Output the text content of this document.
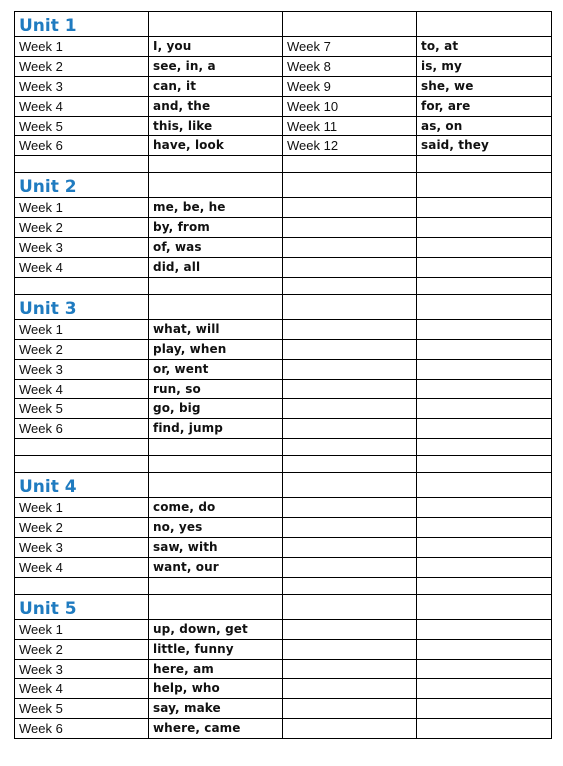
Unit 1			
Week 1	I, you	Week 7	to, at
Week 2	see, in, a	Week 8	is, my
Week 3	can, it	Week 9	she, we
Week 4	and, the	Week 10	for, are
Week 5	this, like	Week 11	as, on
Week 6	have, look	Week 12	said, they

Unit 2			
Week 1	me, be, he		
Week 2	by, from		
Week 3	of, was		
Week 4	did, all		

Unit 3			
Week 1	what, will		
Week 2	play, when		
Week 3	or, went		
Week 4	run, so		
Week 5	go, big		
Week 6	find, jump		

Unit 4			
Week 1	come, do		
Week 2	no, yes		
Week 3	saw, with		
Week 4	want, our		

Unit 5			
Week 1	up, down, get		
Week 2	little, funny		
Week 3	here, am		
Week 4	help, who		
Week 5	say, make		
Week 6	where, came		
